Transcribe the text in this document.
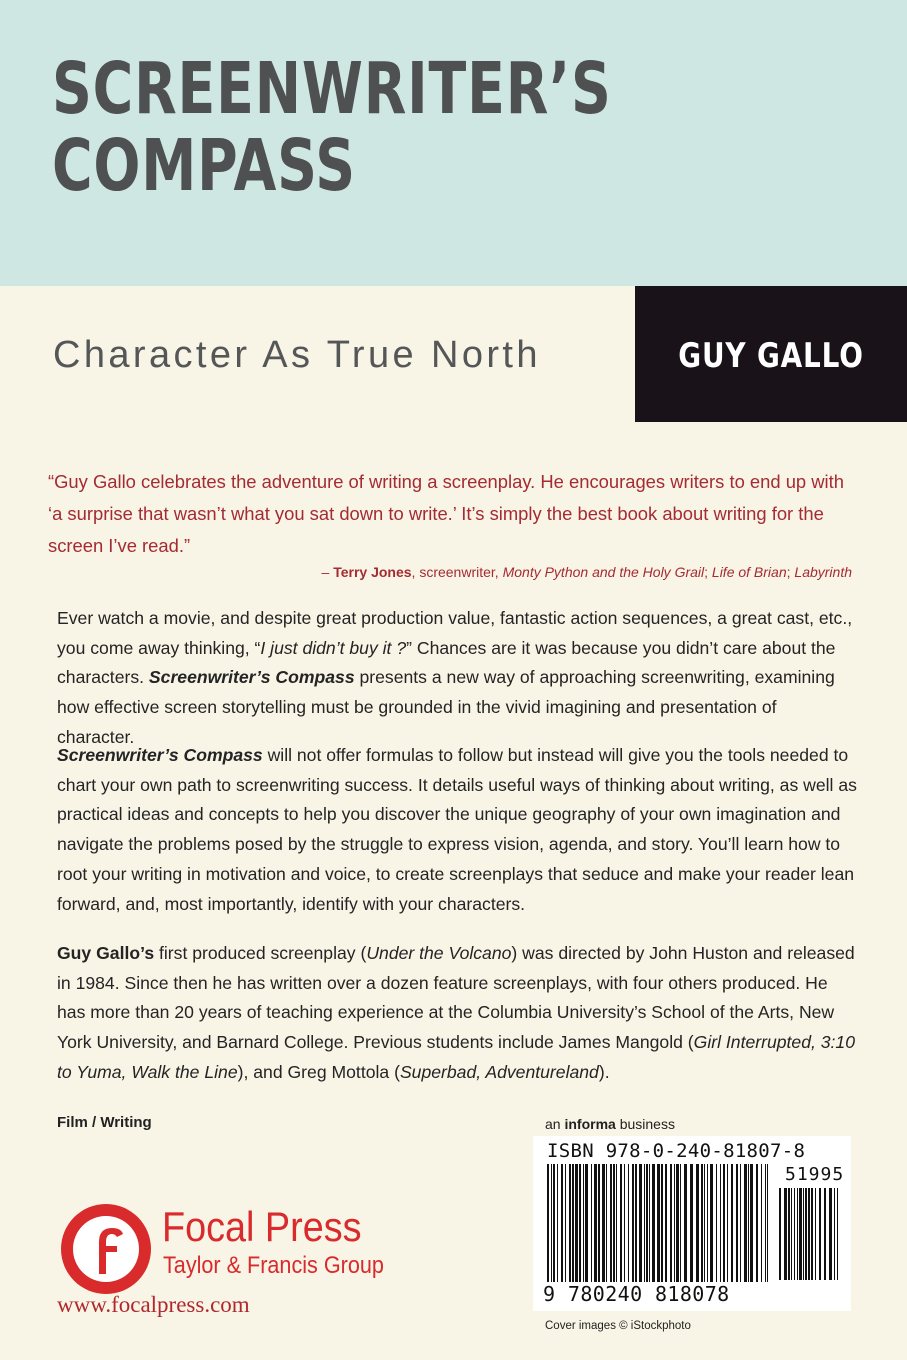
SCREENWRITER’S
COMPASS
Character As True North	GUY GALLO

“Guy Gallo celebrates the adventure of writing a screenplay. He encourages writers to end up with ‘a surprise that wasn’t what you sat down to write.’ It’s simply the best book about writing for the screen I’ve read.”

– Terry Jones, screenwriter, Monty Python and the Holy Grail; Life of Brian; Labyrinth

Ever watch a movie, and despite great production value, fantastic action sequences, a great cast, etc., you come away thinking, “I just didn’t buy it ?” Chances are it was because you didn’t care about the characters. Screenwriter’s Compass presents a new way of approaching screenwriting, examining how effective screen storytelling must be grounded in the vivid imagining and presentation of character.

Screenwriter’s Compass will not offer formulas to follow but instead will give you the tools needed to chart your own path to screenwriting success. It details useful ways of thinking about writing, as well as practical ideas and concepts to help you discover the unique geography of your own imagination and navigate the problems posed by the struggle to express vision, agenda, and story. You’ll learn how to root your writing in motivation and voice, to create screenplays that seduce and make your reader lean forward, and, most importantly, identify with your characters.

Guy Gallo’s first produced screenplay (Under the Volcano) was directed by John Huston and released in 1984. Since then he has written over a dozen feature screenplays, with four others produced. He has more than 20 years of teaching experience at the Columbia University’s School of the Arts, New York University, and Barnard College. Previous students include James Mangold (Girl Interrupted, 3:10 to Yuma, Walk the Line), and Greg Mottola (Superbad, Adventureland).

Film / Writing
Focal Press
Taylor & Francis Group
www.focalpress.com
an informa business
ISBN 978-0-240-81807-8
51995
9 780240 818078
Cover images © iStockphoto
